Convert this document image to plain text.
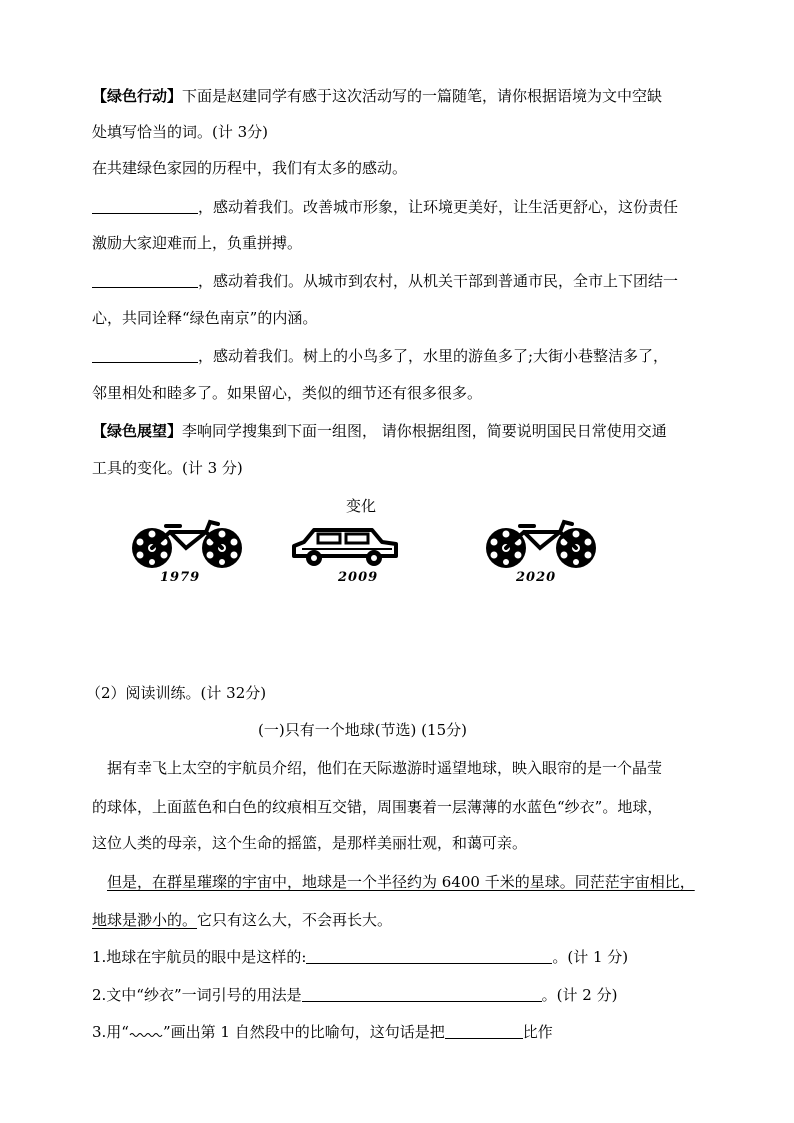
【绿色行动】下面是赵建同学有感于这次活动写的一篇随笔，请你根据语境为文中空缺
处填写恰当的词。(计 3分)
在共建绿色家园的历程中，我们有太多的感动。
，感动着我们。改善城市形象，让环境更美好，让生活更舒心，这份责任
激励大家迎难而上，负重拼搏。
，感动着我们。从城市到农村，从机关干部到普通市民，全市上下团结一
心，共同诠释“绿色南京”的内涵。
，感动着我们。树上的小鸟多了，水里的游鱼多了;大街小巷整洁多了，
邻里相处和睦多了。如果留心，类似的细节还有很多很多。
【绿色展望】李响同学搜集到下面一组图， 请你根据组图，简要说明国民日常使用交通
工具的变化。(计 3 分)
变化
1979	2009	2020
（2）阅读训练。(计 32分)
(一)只有一个地球(节选) (15分)
据有幸飞上太空的宇航员介绍，他们在天际遨游时遥望地球，映入眼帘的是一个晶莹
的球体，上面蓝色和白色的纹痕相互交错，周围裹着一层薄薄的水蓝色“纱衣”。地球，
这位人类的母亲，这个生命的摇篮，是那样美丽壮观，和蔼可亲。
但是，在群星璀璨的宇宙中，地球是一个半径约为 6400 千米的星球。同茫茫宇宙相比，
地球是渺小的。它只有这么大，不会再长大。
1.地球在宇航员的眼中是这样的:	。(计 1 分)
2.文中“纱衣”一词引号的用法是	。(计 2 分)
3.用“ ”画出第 1 自然段中的比喻句，这句话是把	比作
